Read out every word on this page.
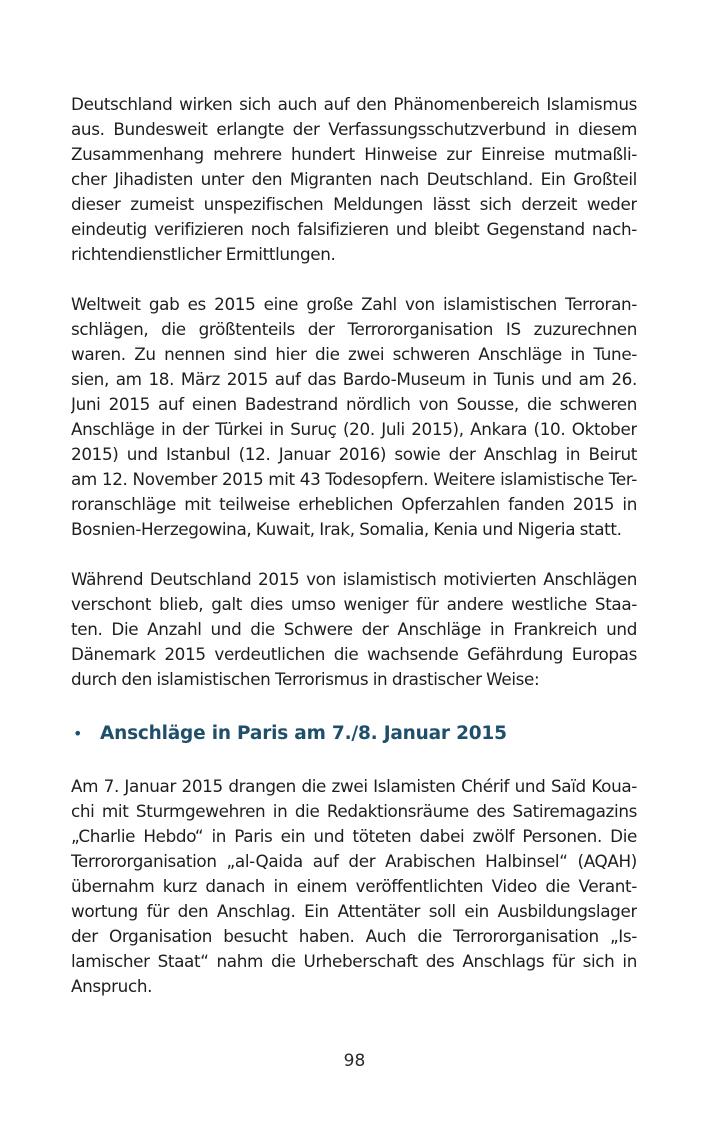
Deutschland wirken sich auch auf den Phänomenbereich Islamismus
aus. Bundesweit erlangte der Verfassungsschutzverbund in diesem
Zusammenhang mehrere hundert Hinweise zur Einreise mutmaßli-
cher Jihadisten unter den Migranten nach Deutschland. Ein Großteil
dieser zumeist unspezifischen Meldungen lässt sich derzeit weder
eindeutig verifizieren noch falsifizieren und bleibt Gegenstand nach-
richtendienstlicher Ermittlungen.
Weltweit gab es 2015 eine große Zahl von islamistischen Terroran-
schlägen, die größtenteils der Terrororganisation IS zuzurechnen
waren. Zu nennen sind hier die zwei schweren Anschläge in Tune-
sien, am 18. März 2015 auf das Bardo-Museum in Tunis und am 26.
Juni 2015 auf einen Badestrand nördlich von Sousse, die schweren
Anschläge in der Türkei in Suruç (20. Juli 2015), Ankara (10. Oktober
2015) und Istanbul (12. Januar 2016) sowie der Anschlag in Beirut
am 12. November 2015 mit 43 Todesopfern. Weitere islamistische Ter-
roranschläge mit teilweise erheblichen Opferzahlen fanden 2015 in
Bosnien-Herzegowina, Kuwait, Irak, Somalia, Kenia und Nigeria statt.
Während Deutschland 2015 von islamistisch motivierten Anschlägen
verschont blieb, galt dies umso weniger für andere westliche Staa-
ten. Die Anzahl und die Schwere der Anschläge in Frankreich und
Dänemark 2015 verdeutlichen die wachsende Gefährdung Europas
durch den islamistischen Terrorismus in drastischer Weise:
• Anschläge in Paris am 7./8. Januar 2015
Am 7. Januar 2015 drangen die zwei Islamisten Chérif und Saïd Koua-
chi mit Sturmgewehren in die Redaktionsräume des Satiremagazins
„Charlie Hebdo“ in Paris ein und töteten dabei zwölf Personen. Die
Terrororganisation „al-Qaida auf der Arabischen Halbinsel“ (AQAH)
übernahm kurz danach in einem veröffentlichten Video die Verant-
wortung für den Anschlag. Ein Attentäter soll ein Ausbildungslager
der Organisation besucht haben. Auch die Terrororganisation „Is-
lamischer Staat“ nahm die Urheberschaft des Anschlags für sich in
Anspruch.
98
